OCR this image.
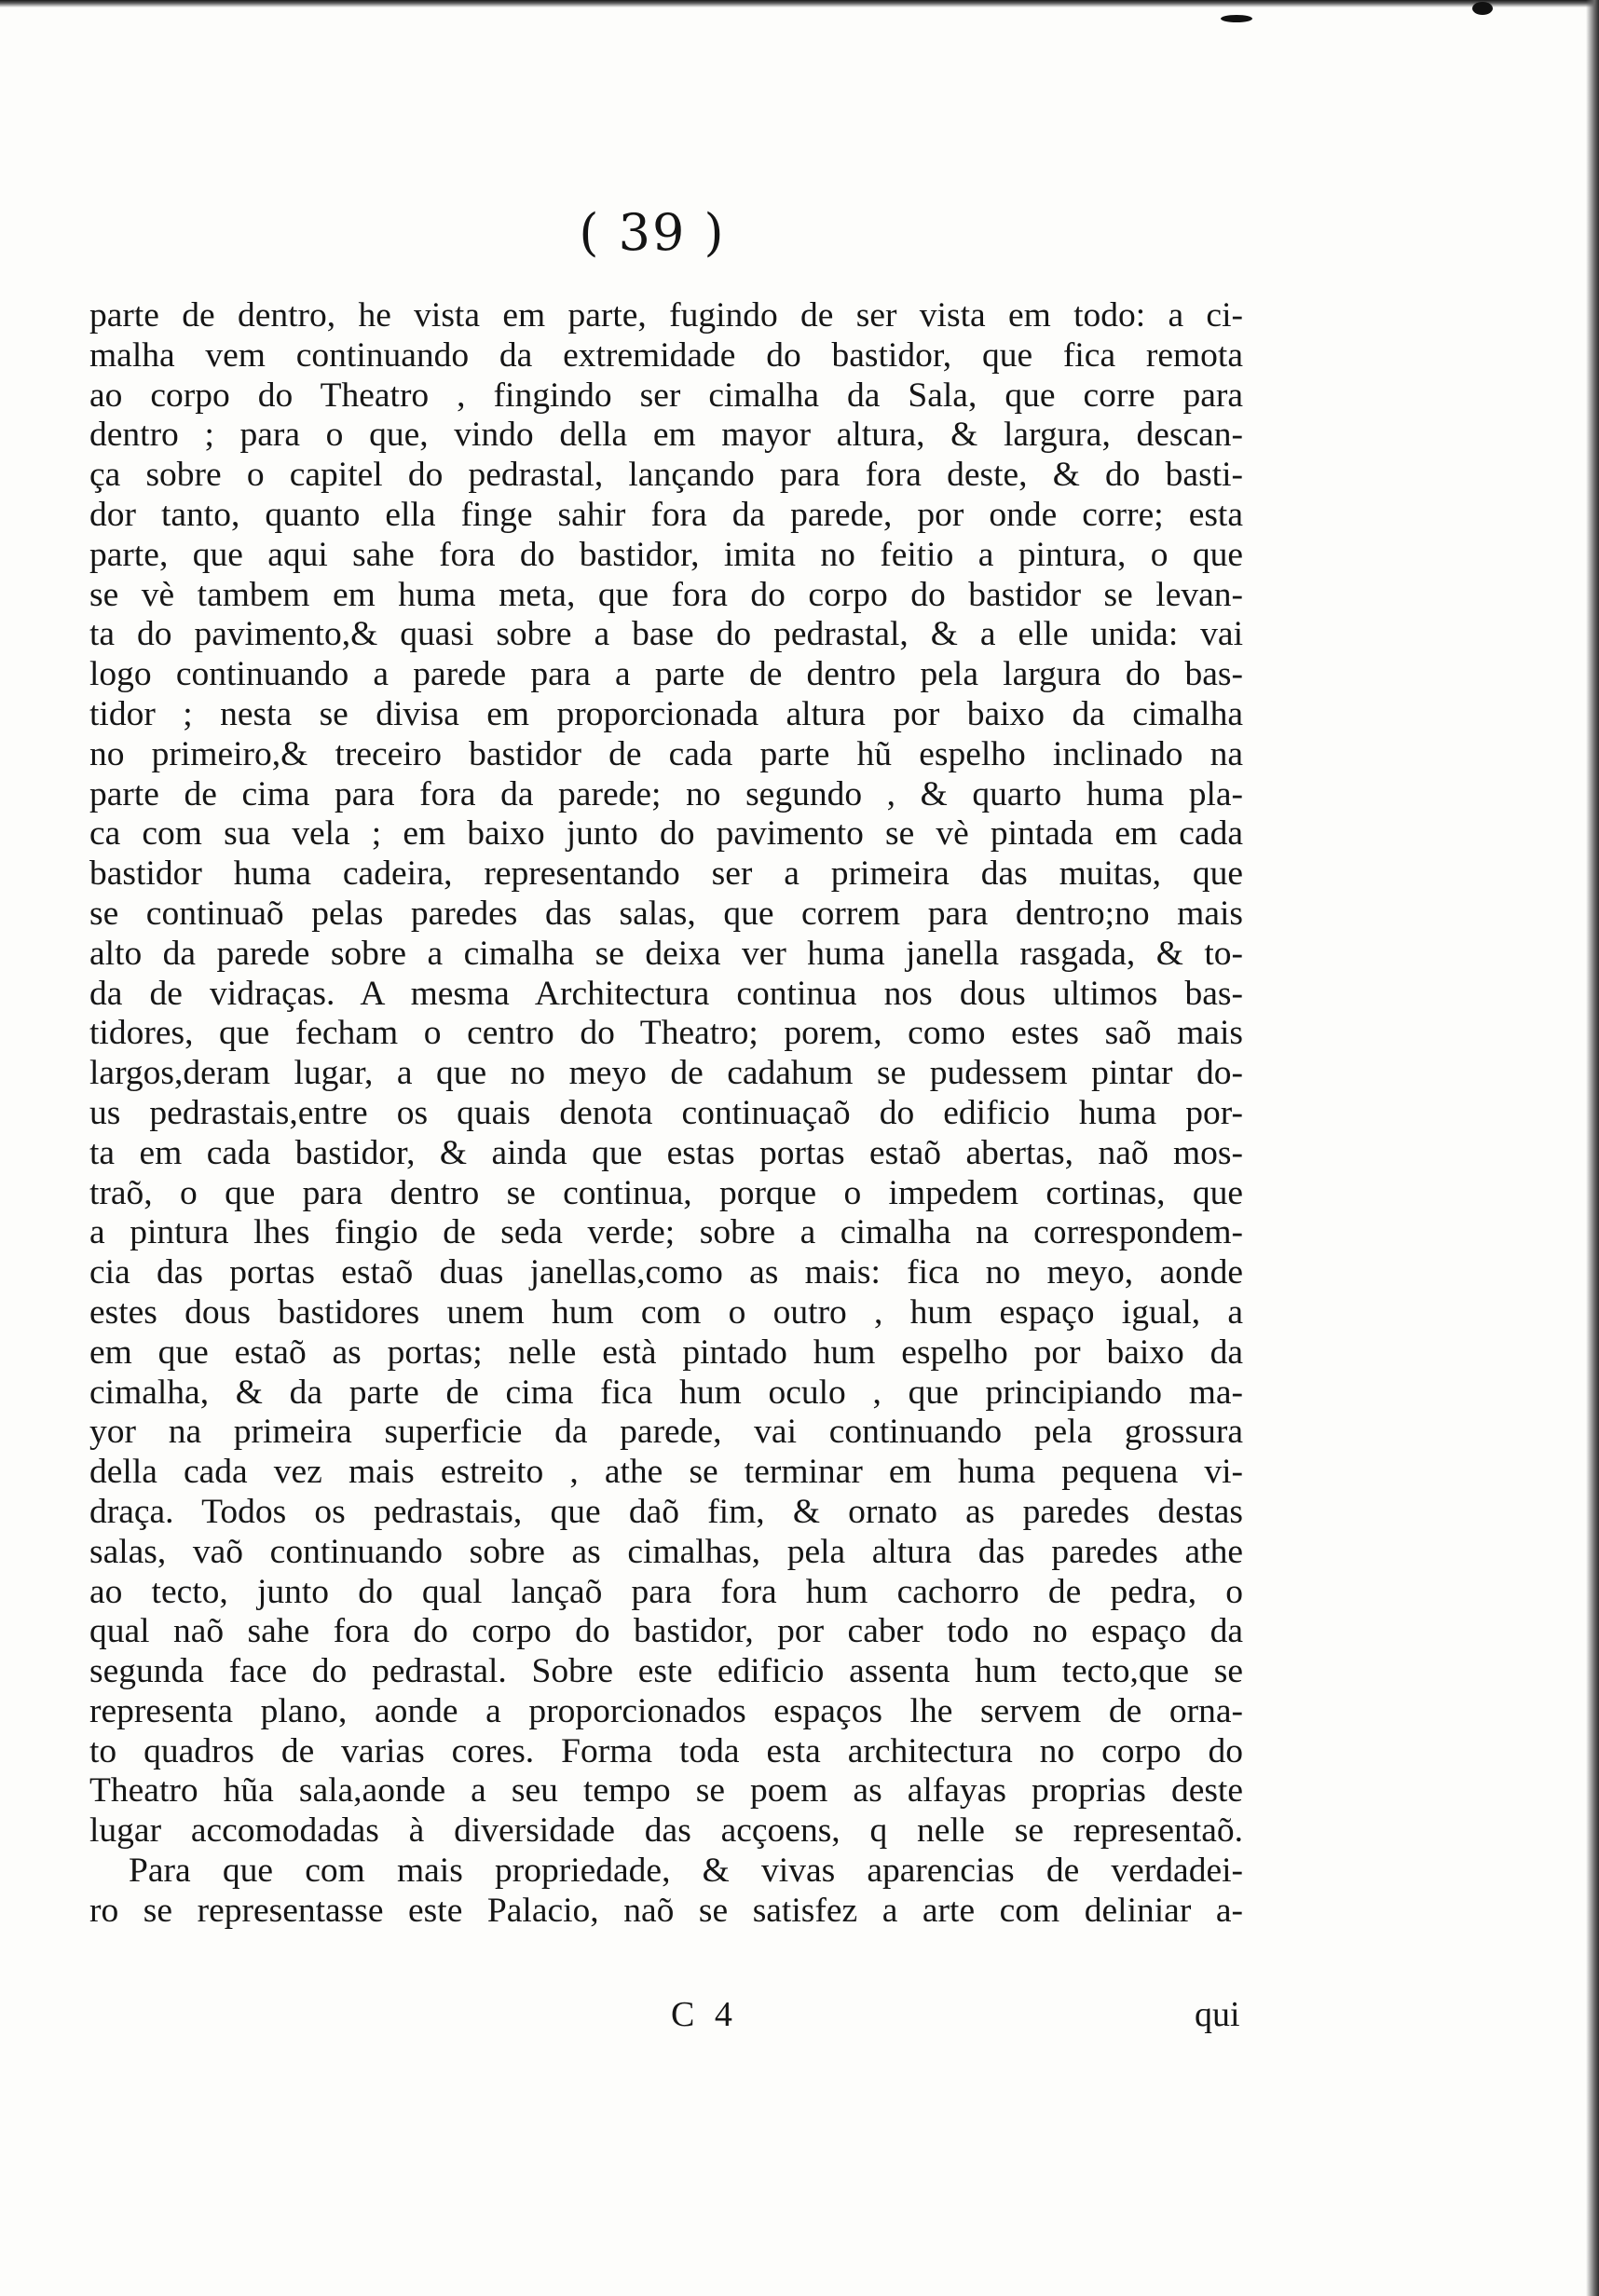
( 39 )
parte de dentro, he vista em parte, fugindo de ser vista em todo: a ci-
malha vem continuando da extremidade do bastidor, que fica remota
ao corpo do Theatro , fingindo ser cimalha da Sala, que corre para
dentro ; para o que, vindo della em mayor altura, & largura, descan-
ça sobre o capitel do pedrastal, lançando para fora deste, & do basti-
dor tanto, quanto ella finge sahir fora da parede, por onde corre; esta
parte, que aqui sahe fora do bastidor, imita no feitio a pintura, o que
se vè tambem em huma meta, que fora do corpo do bastidor se levan-
ta do pavimento,& quasi sobre a base do pedrastal, & a elle unida: vai
logo continuando a parede para a parte de dentro pela largura do bas-
tidor ; nesta se divisa em proporcionada altura por baixo da cimalha
no primeiro,& treceiro bastidor de cada parte hũ espelho inclinado na
parte de cima para fora da parede; no segundo , & quarto huma pla-
ca com sua vela ; em baixo junto do pavimento se vè pintada em cada
bastidor huma cadeira, representando ser a primeira das muitas, que
se continuaõ pelas paredes das salas, que correm para dentro;no mais
alto da parede sobre a cimalha se deixa ver huma janella rasgada, & to-
da de vidraças. A mesma Architectura continua nos dous ultimos bas-
tidores, que fecham o centro do Theatro; porem, como estes saõ mais
largos,deram lugar, a que no meyo de cadahum se pudessem pintar do-
us pedrastais,entre os quais denota continuaçaõ do edificio huma por-
ta em cada bastidor, & ainda que estas portas estaõ abertas, naõ mos-
traõ, o que para dentro se continua, porque o impedem cortinas, que
a pintura lhes fingio de seda verde; sobre a cimalha na correspondem-
cia das portas estaõ duas janellas,como as mais: fica no meyo, aonde
estes dous bastidores unem hum com o outro , hum espaço igual, a
em que estaõ as portas; nelle està pintado hum espelho por baixo da
cimalha, & da parte de cima fica hum oculo , que principiando ma-
yor na primeira superficie da parede, vai continuando pela grossura
della cada vez mais estreito , athe se terminar em huma pequena vi-
draça. Todos os pedrastais, que daõ fim, & ornato as paredes destas
salas, vaõ continuando sobre as cimalhas, pela altura das paredes athe
ao tecto, junto do qual lançaõ para fora hum cachorro de pedra, o
qual naõ sahe fora do corpo do bastidor, por caber todo no espaço da
segunda face do pedrastal. Sobre este edificio assenta hum tecto,que se
representa plano, aonde a proporcionados espaços lhe servem de orna-
to quadros de varias cores. Forma toda esta architectura no corpo do
Theatro hũa sala,aonde a seu tempo se poem as alfayas proprias deste
lugar accomodadas à diversidade das acçoens, q nelle se representaõ.
Para que com mais propriedade, & vivas aparencias de verdadei-
ro se representasse este Palacio, naõ se satisfez a arte com deliniar a-
C 4	qui
